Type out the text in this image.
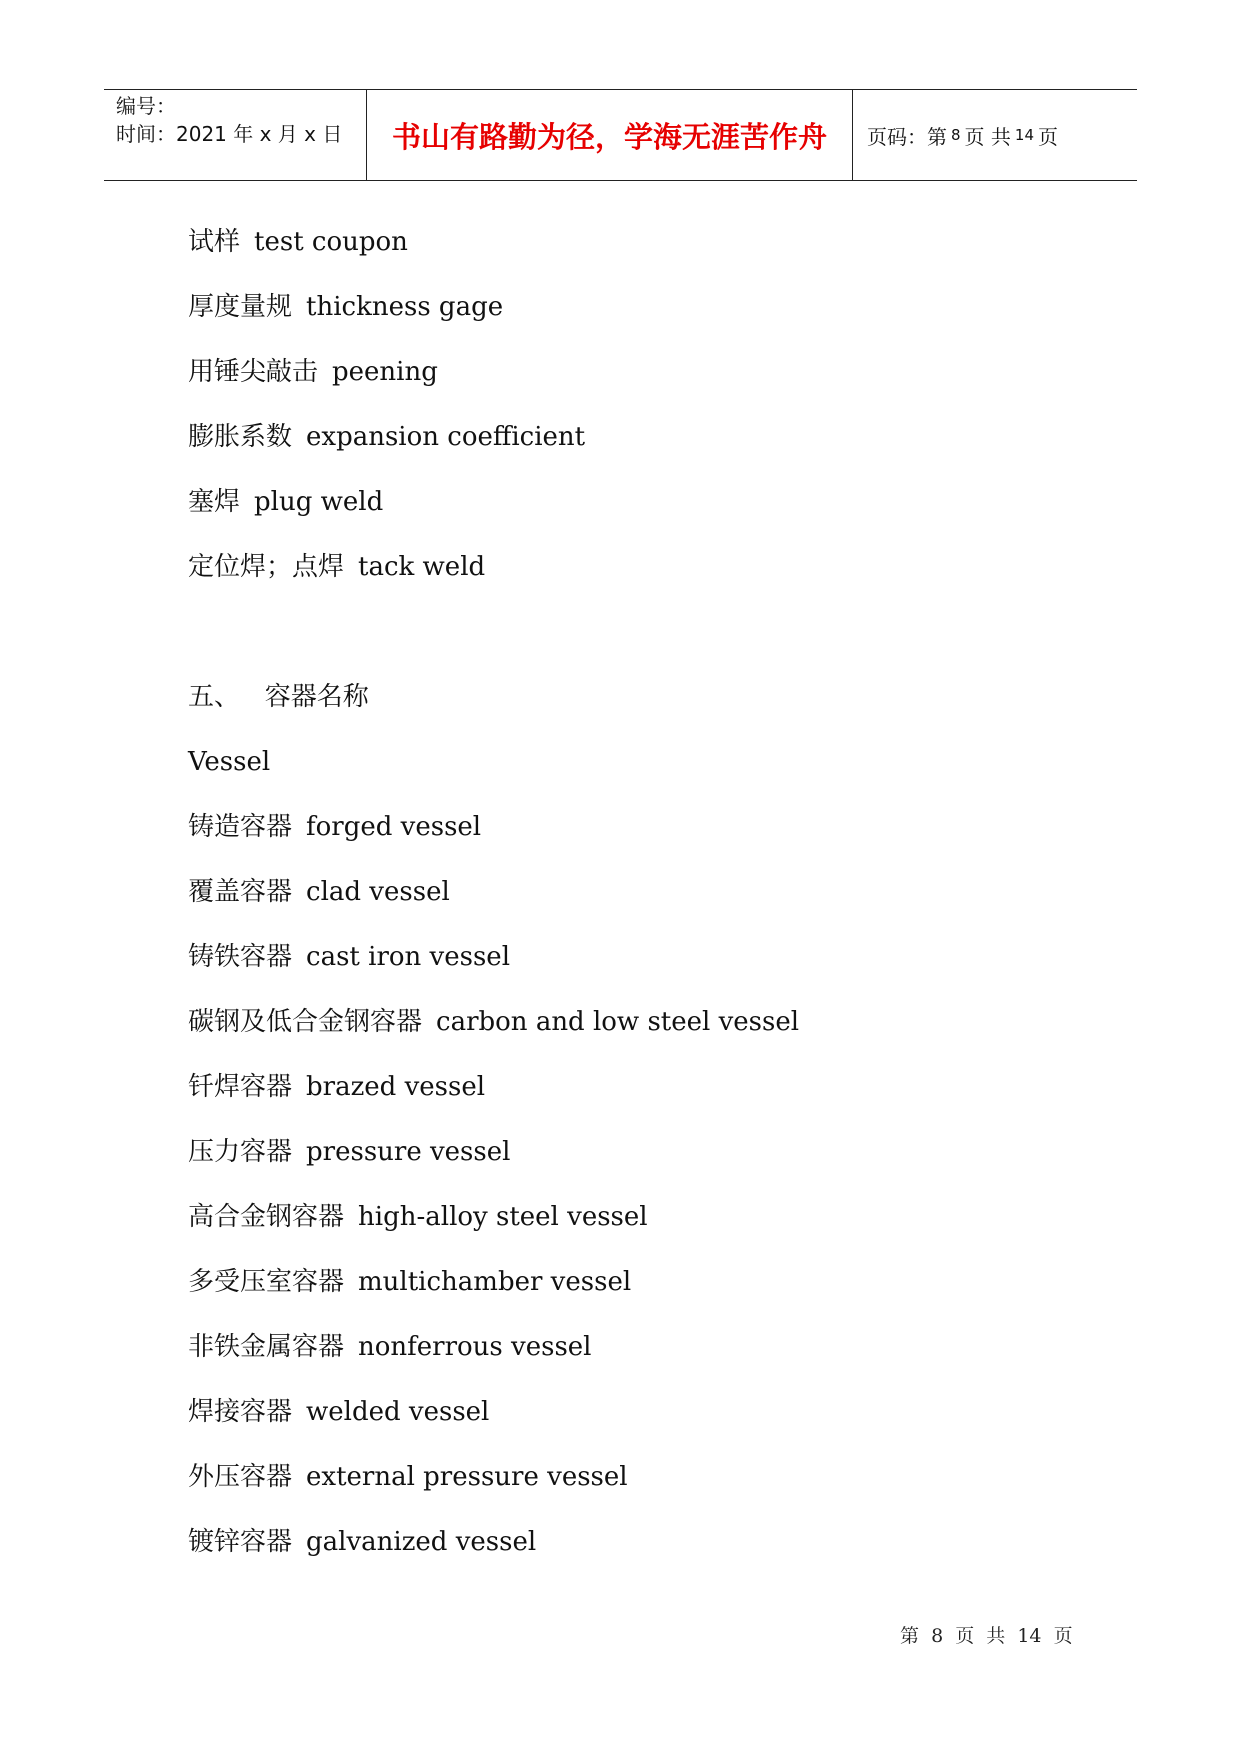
编号：
时间：2021 年 x 月 x 日	书山有路勤为径，学海无涯苦作舟	页码：第 8 页 共 14 页
试样 test coupon
厚度量规 thickness gage
用锤尖敲击 peening
膨胀系数 expansion coefficient
塞焊 plug weld
定位焊；点焊 tack weld
五、   容器名称
Vessel
铸造容器 forged vessel
覆盖容器 clad vessel
铸铁容器 cast iron vessel
碳钢及低合金钢容器 carbon and low steel vessel
钎焊容器 brazed vessel
压力容器 pressure vessel
高合金钢容器 high-alloy steel vessel
多受压室容器 multichamber vessel
非铁金属容器 nonferrous vessel
焊接容器 welded vessel
外压容器 external pressure vessel
镀锌容器 galvanized vessel
第 8 页 共 14 页
